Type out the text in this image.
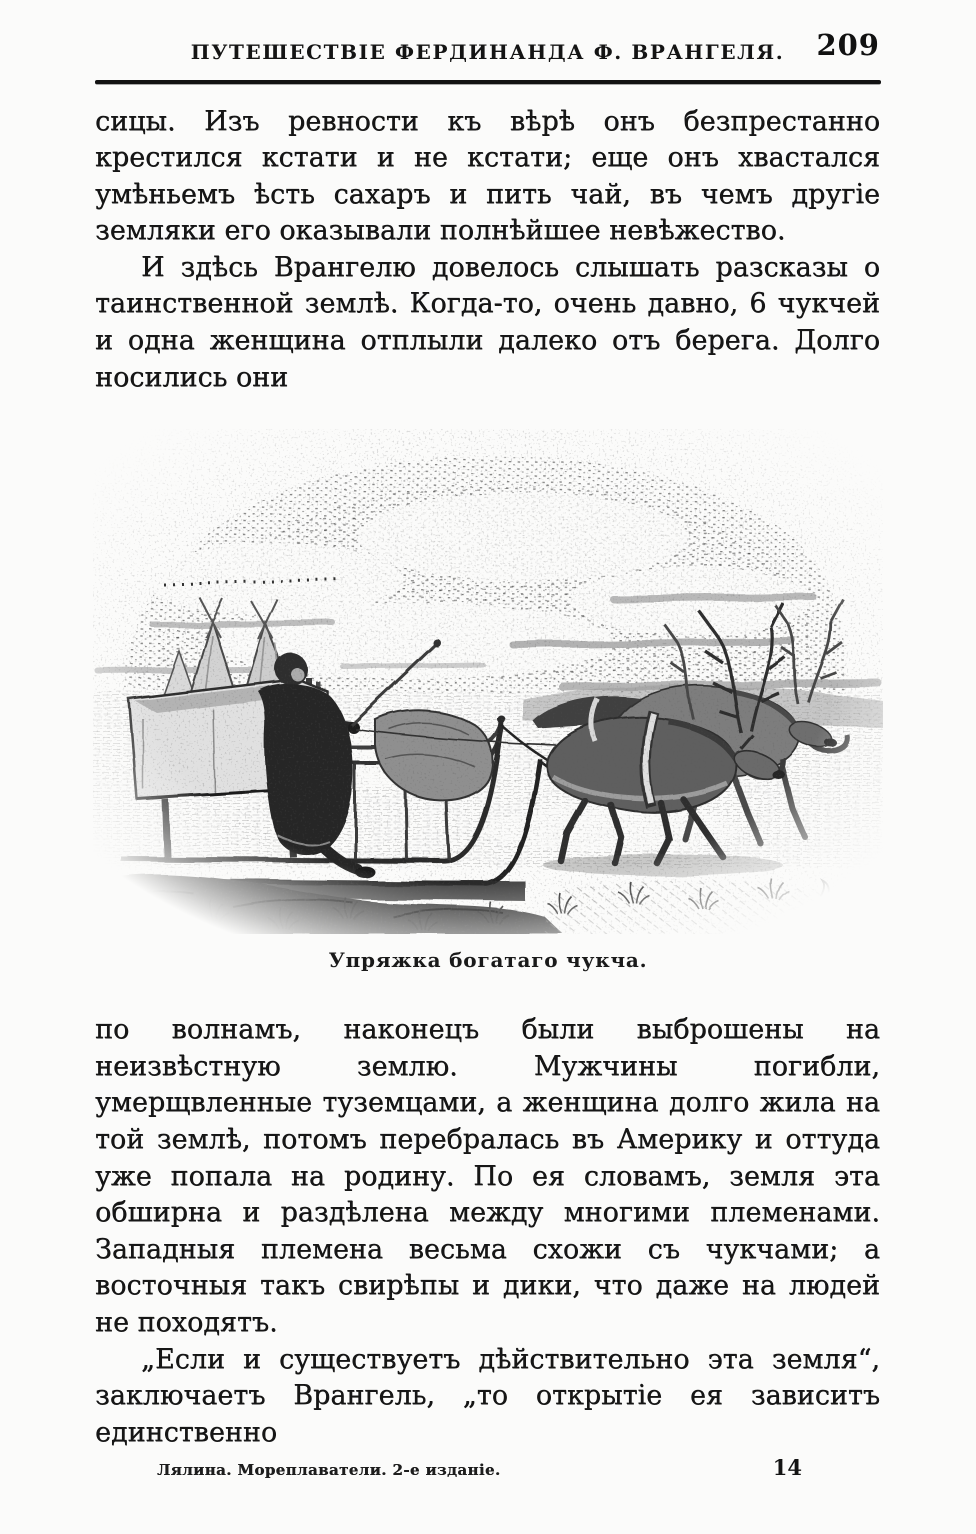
ПУТЕШЕСТВІЕ ФЕРДИНАНДА Ф. ВРАНГЕЛЯ.	209

сицы. Изъ ревности къ вѣрѣ онъ безпрестанно крестился кстати и не кстати; еще онъ хвастался умѣньемъ ѣсть сахаръ и пить чай, въ чемъ другіе земляки его оказывали полнѣйшее невѣжество.

И здѣсь Врангелю довелось слышать разсказы о таинственной землѣ. Когда-то, очень давно, 6 чукчей и одна женщина отплыли далеко отъ берега. Долго носились они

Упряжка богатаго чукча.

по волнамъ, наконецъ были выброшены на неизвѣстную землю. Мужчины погибли, умерщвленные туземцами, а женщина долго жила на той землѣ, потомъ перебралась въ Америку и оттуда уже попала на родину. По ея словамъ, земля эта обширна и раздѣлена между многими племенами. Западныя племена весьма схожи съ чукчами; а восточныя такъ свирѣпы и дики, что даже на людей не походятъ.

„Если и существуетъ дѣйствительно эта земля“, заключаетъ Врангель, „то открытіе ея зависитъ единственно

Лялина. Мореплаватели. 2-е изданіе.	14
